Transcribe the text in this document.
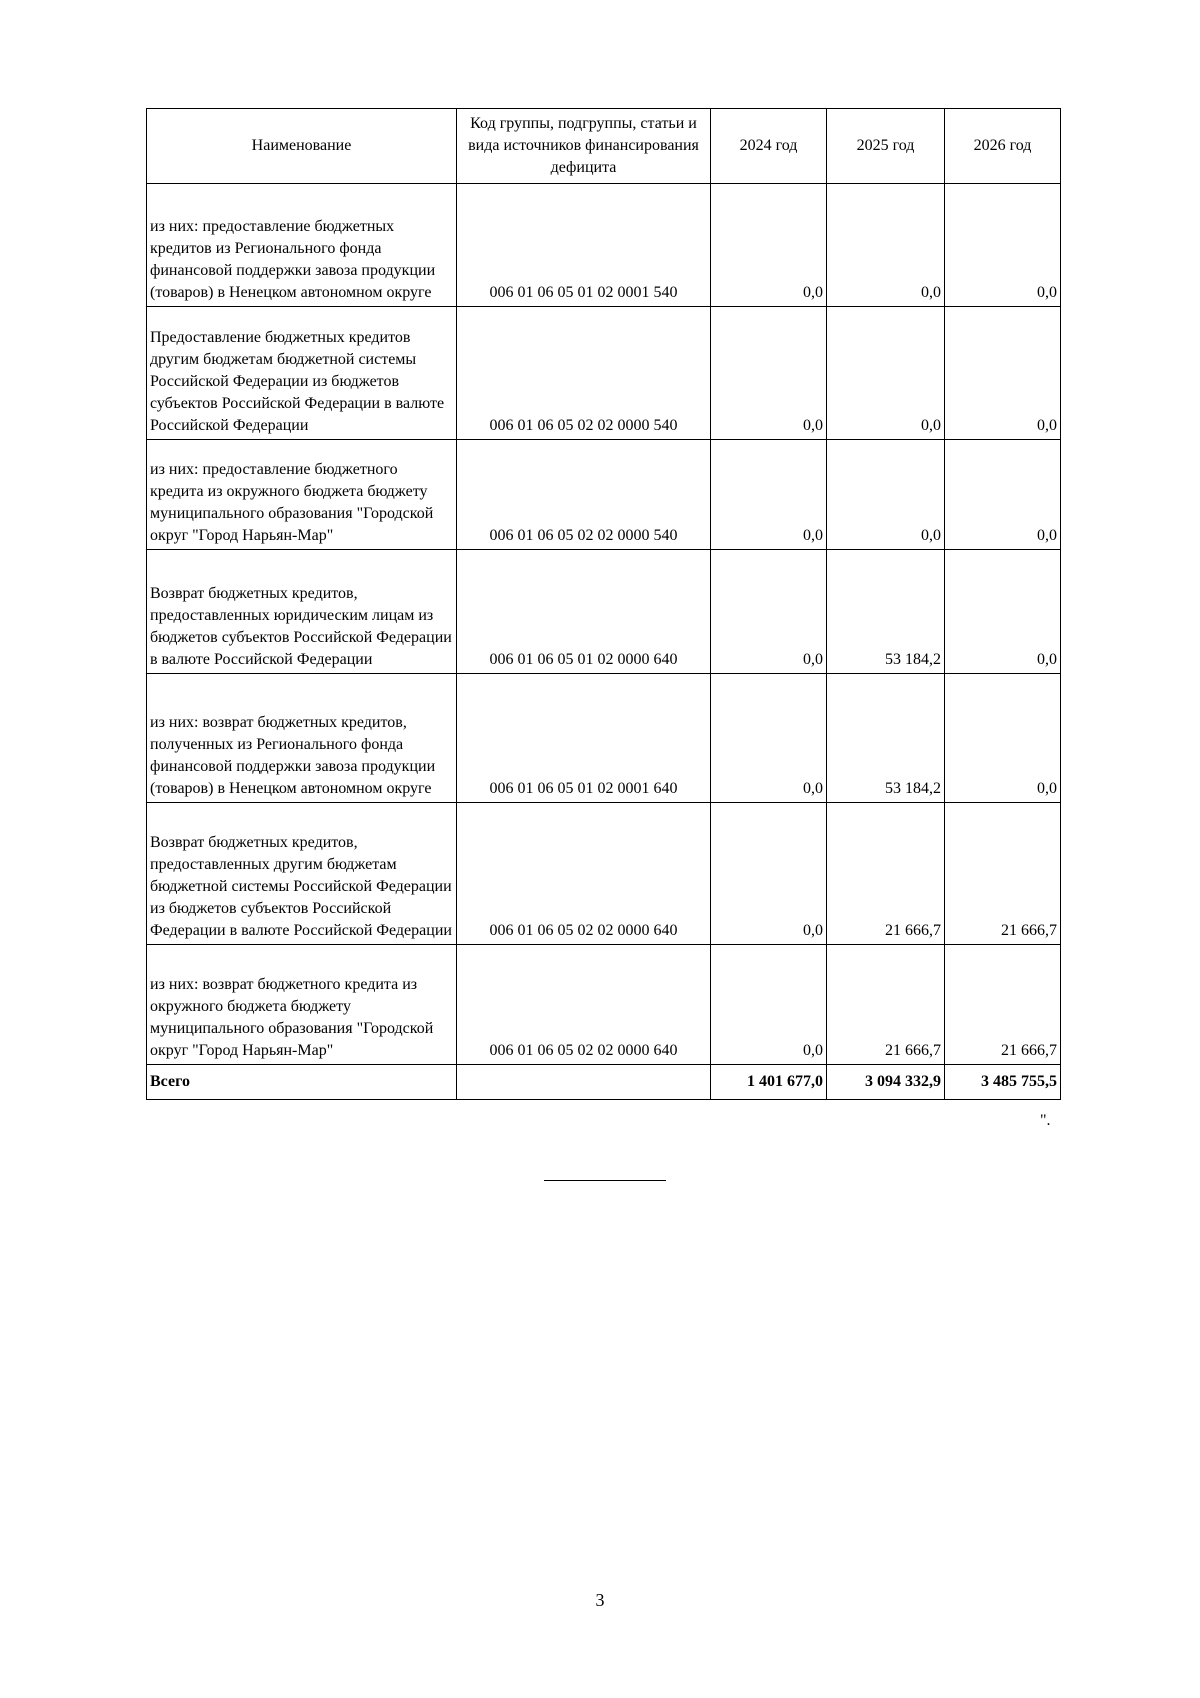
Наименование	Код группы, подгруппы, статьи и вида источников финансирования дефицита	2024 год	2025 год	2026 год
из них: предоставление бюджетных кредитов из Регионального фонда финансовой поддержки завоза продукции (товаров) в Ненецком автономном округе	006 01 06 05 01 02 0001 540	0,0	0,0	0,0
Предоставление бюджетных кредитов другим бюджетам бюджетной системы Российской Федерации из бюджетов субъектов Российской Федерации в валюте Российской Федерации	006 01 06 05 02 02 0000 540	0,0	0,0	0,0
из них: предоставление бюджетного кредита из окружного бюджета бюджету муниципального образования "Городской округ "Город Нарьян-Мар"	006 01 06 05 02 02 0000 540	0,0	0,0	0,0
Возврат бюджетных кредитов, предоставленных юридическим лицам из бюджетов субъектов Российской Федерации в валюте Российской Федерации	006 01 06 05 01 02 0000 640	0,0	53 184,2	0,0
из них: возврат бюджетных кредитов, полученных из Регионального фонда финансовой поддержки завоза продукции (товаров) в Ненецком автономном округе	006 01 06 05 01 02 0001 640	0,0	53 184,2	0,0
Возврат бюджетных кредитов, предоставленных другим бюджетам бюджетной системы Российской Федерации из бюджетов субъектов Российской Федерации в валюте Российской Федерации	006 01 06 05 02 02 0000 640	0,0	21 666,7	21 666,7
из них: возврат бюджетного кредита из окружного бюджета бюджету муниципального образования "Городской округ "Город Нарьян-Мар"	006 01 06 05 02 02 0000 640	0,0	21 666,7	21 666,7
Всего		1 401 677,0	3 094 332,9	3 485 755,5
".
3
